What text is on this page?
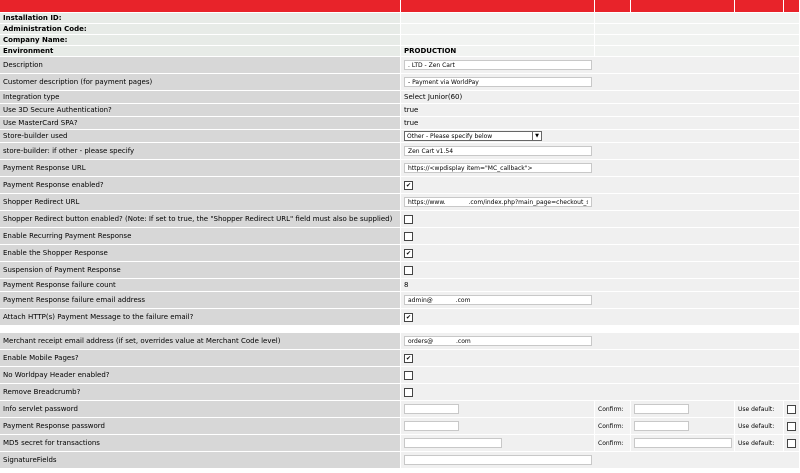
Installation ID:					
Administration Code:					
Company Name:					
Environment	PRODUCTION				
Description	. LTD - Zen Cart
Customer description (for payment pages)	- Payment via WorldPay
Integration type	Select Junior(60)				
Use 3D Secure Authentication?	true				
Use MasterCard SPA?	true				
Store-builder used	Other - Please specify below ▼				

store-builder: if other - please specify	Zen Cart v1.54
Payment Response URL	https://<wpdisplay item="MC_callback">
Payment Response enabled?	✔				
Shopper Redirect URL	https://www. .com/index.php?main_page=checkout_succe
Shopper Redirect button enabled? (Note: If set to true, the "Shopper Redirect URL" field must also be supplied)					
Enable Recurring Payment Response					
Enable the Shopper Response	✔				
Suspension of Payment Response					
Payment Response failure count	8				
Payment Response failure email address	admin@ .com
Attach HTTP(s) Payment Message to the failure email?	✔				

Merchant receipt email address (if set, overrides value at Merchant Code level)	orders@ .com
Enable Mobile Pages?	✔				
No Worldpay Header enabled?					
Remove Breadcrumb?					
Info servlet password		Confirm:		Use default:	
Payment Response password		Confirm:		Use default:	
MD5 secret for transactions		Confirm:		Use default:	
SignatureFields	
